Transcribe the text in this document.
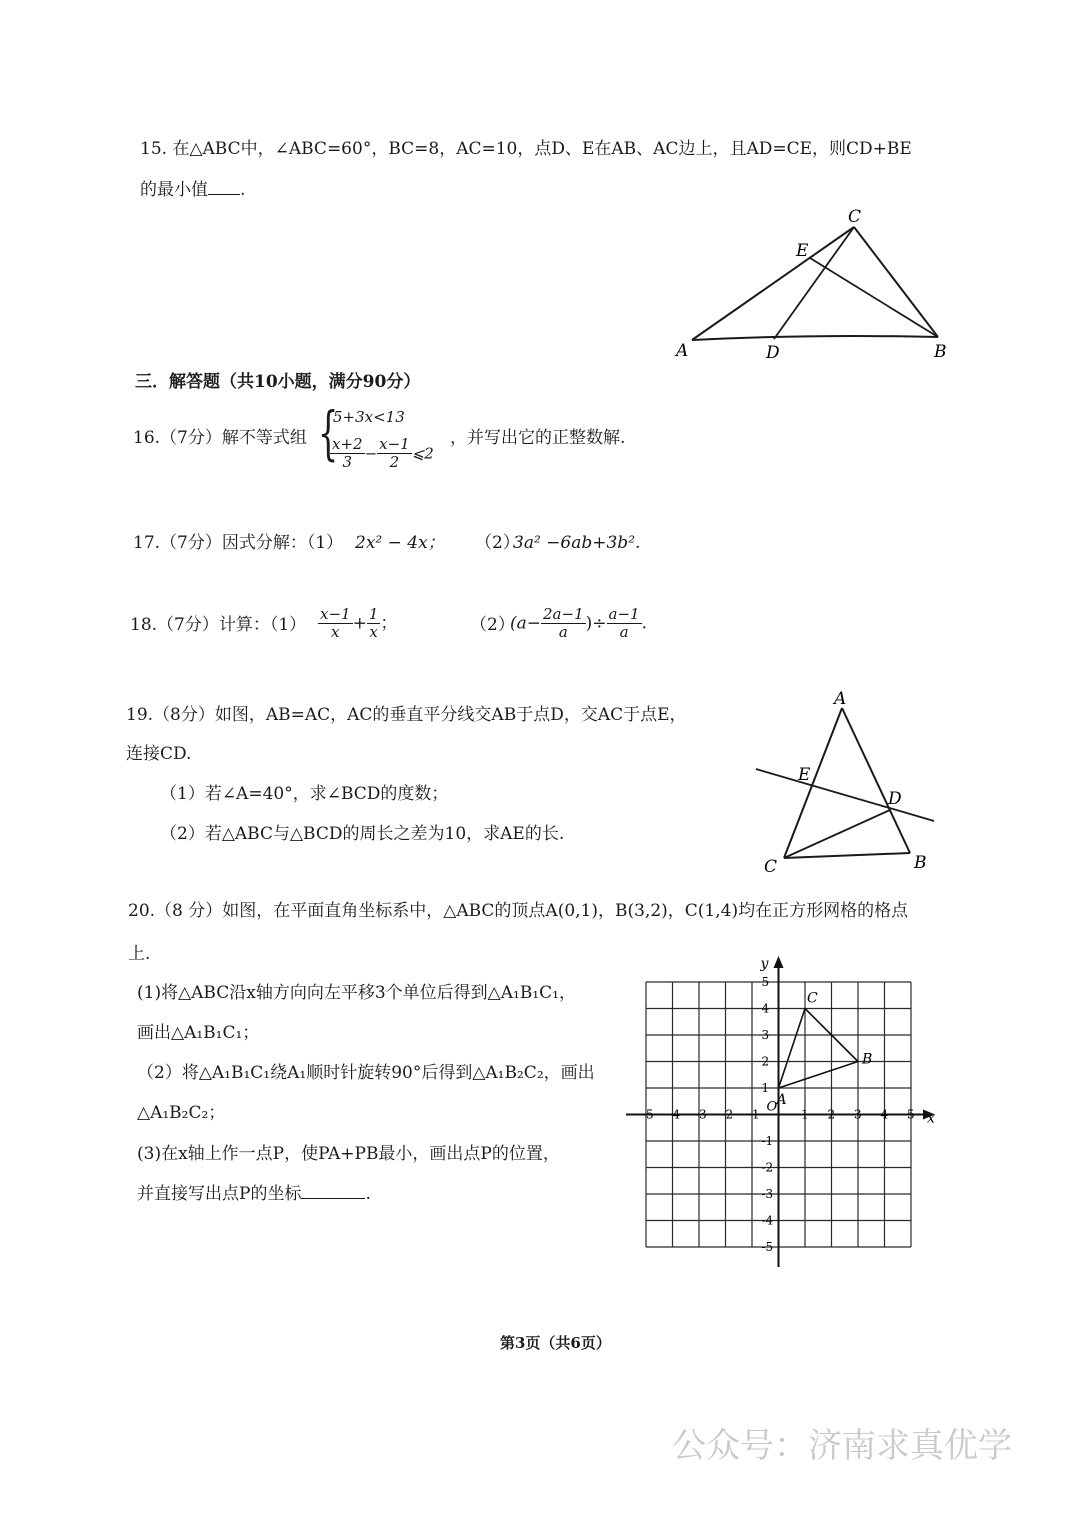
15. 在△ABC中，∠ABC=60°，BC=8，AC=10，点D、E在AB、AC边上，且AD=CE，则CD+BE
的最小值 .
C
E
A	D	B
三．解答题（共10小题，满分90分）
16.（7分）解不等式组 {
5+3x<13
$\frac{x+2}{3} - \frac{x-1}{2}$ ⩽2
，并写出它的正整数解.
17.（7分）因式分解：（1） 2x² − 4x； （2）
3a² −6ab+3b².
18.（7分）计算：$(1) \frac{x-1}{x} + \frac{1}{x}$ ；	（2）
($a- \frac{2a-1}{a}$ )÷ $\frac{a-1}{a}$ .
19.（8分）如图，AB=AC，AC的垂直平分线交AB于点D，交AC于点E，
连接CD.
（1）若∠A=40°，求∠BCD的度数；
（2）若△ABC与△BCD的周长之差为10，求AE的长.
A
E
D
C	B
20.（8 分）如图，在平面直角坐标系中，△ABC的顶点A(0,1)，B(3,2)，C(1,4)均在正方形网格的格点
上.
(1)将△ABC沿x轴方向向左平移3个单位后得到△A₁B₁C₁，
画出△A₁B₁C₁；
（2）将△A₁B₁C₁绕A₁顺时针旋转90°后得到△A₁B₂C₂，画出
△A₁B₂C₂；
(3)在x轴上作一点P，使PA+PB最小，画出点P的位置，
并直接写出点P的坐标	.
x
y
O
-5 -4 -3 -2 -1	1 2 3 4 5
5
4
3
2
1
-1
-2
-3
-4
-5
A
B
C
第3页（共6页）
公众号：济南求真优学
